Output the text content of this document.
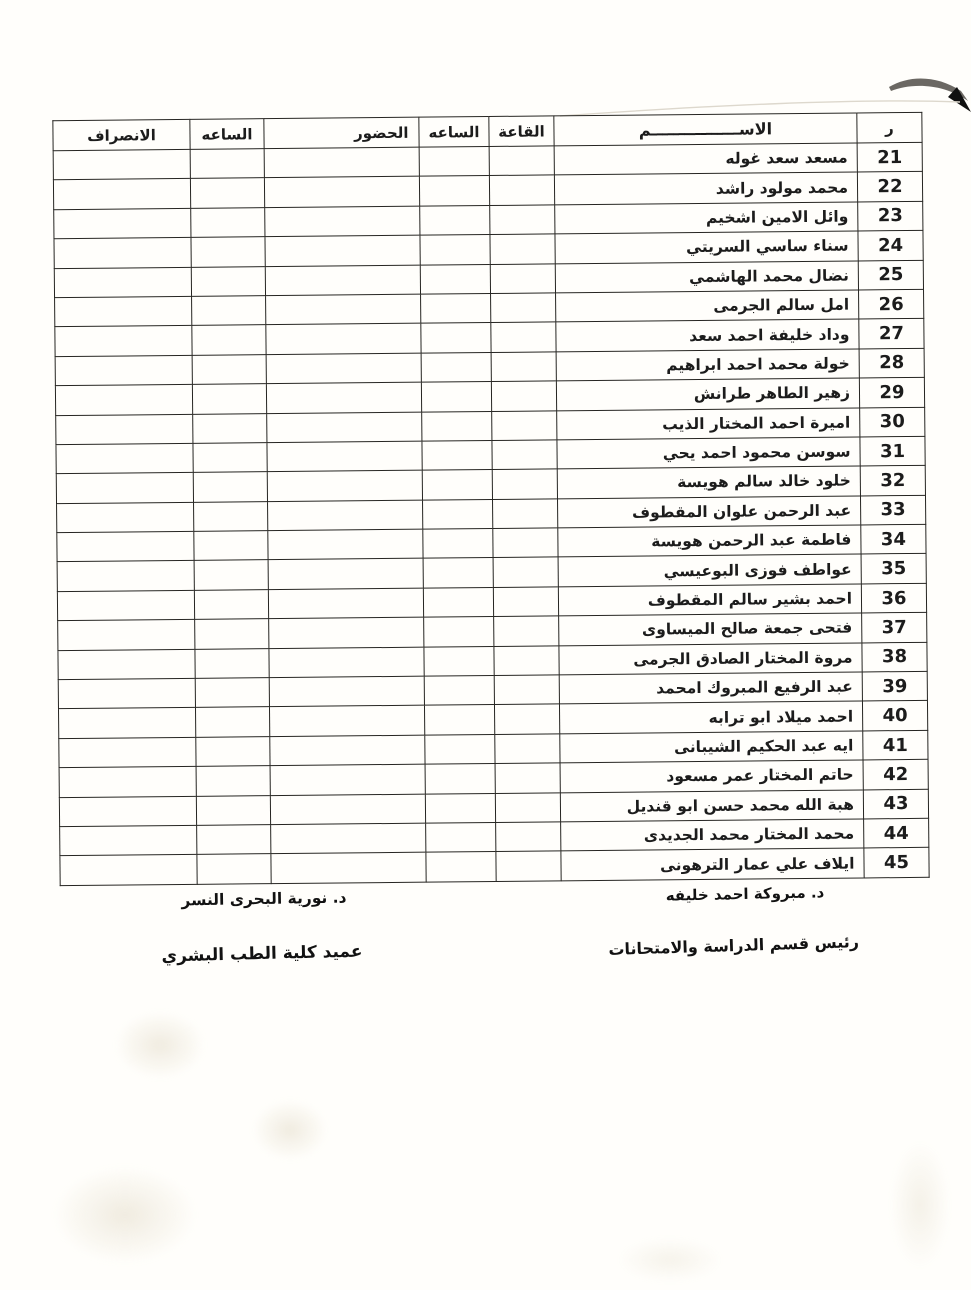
ر	الاســــــــــــــــم	القاعة	الساعه	الحضور	الساعه	الانصراف
21	مسعد سعد غوله					
22	محمد مولود راشد					
23	وائل الامين اشخيم					
24	سناء ساسي السريتي					
25	نضال محمد الهاشمي					
26	امل سالم الجرمى					
27	وداد خليفة احمد سعد					
28	خولة محمد احمد ابراهيم					
29	زهير الطاهر طرانش					
30	اميرة احمد المختار الذيب					
31	سوسن محمود احمد يحي					
32	خلود خالد سالم هويسة					
33	عبد الرحمن علوان المقطوف					
34	فاطمة عبد الرحمن هويسة					
35	عواطف فوزى البوعيسي					
36	احمد بشير سالم المقطوف					
37	فتحى جمعة صالح الميساوى					
38	مروة المختار الصادق الجرمى					
39	عبد الرفيع المبروك امحمد					
40	احمد ميلاد ابو ترابه					
41	ايه عبد الحكيم الشيبانى					
42	حاتم المختار عمر مسعود					
43	هبة الله محمد حسن ابو قنديل					
44	محمد المختار محمد الجديدى					
45	ايلاف علي عمار الترهونى					
د. مبروكة احمد خليفه
رئيس قسم الدراسة والامتحانات
د. نورية البحرى النسر
عميد كلية الطب البشري
